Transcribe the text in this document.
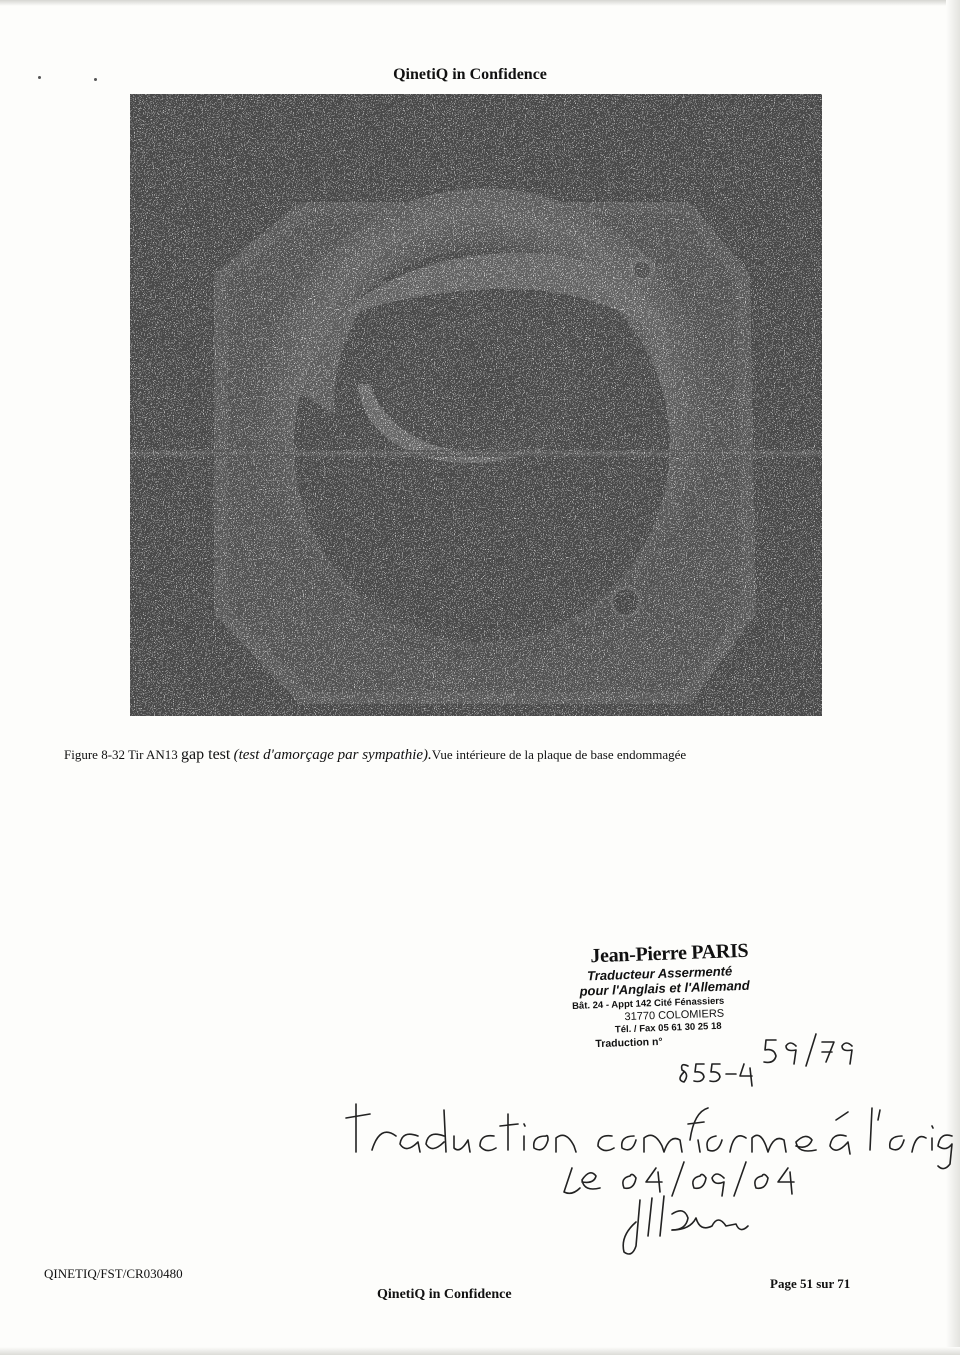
QinetiQ in Confidence
Figure 8-32 Tir AN13 gap test (test d'amorçage par sympathie).Vue intérieure de la plaque de base endommagée
Jean-Pierre PARIS
Traducteur Assermenté
pour l'Anglais et l'Allemand
Bât. 24 - Appt 142 Cité Fénassiers
31770 COLOMIERS
Tél. / Fax 05 61 30 25 18
Traduction n°
QINETIQ/FST/CR030480
Page 51 sur 71
QinetiQ in Confidence
